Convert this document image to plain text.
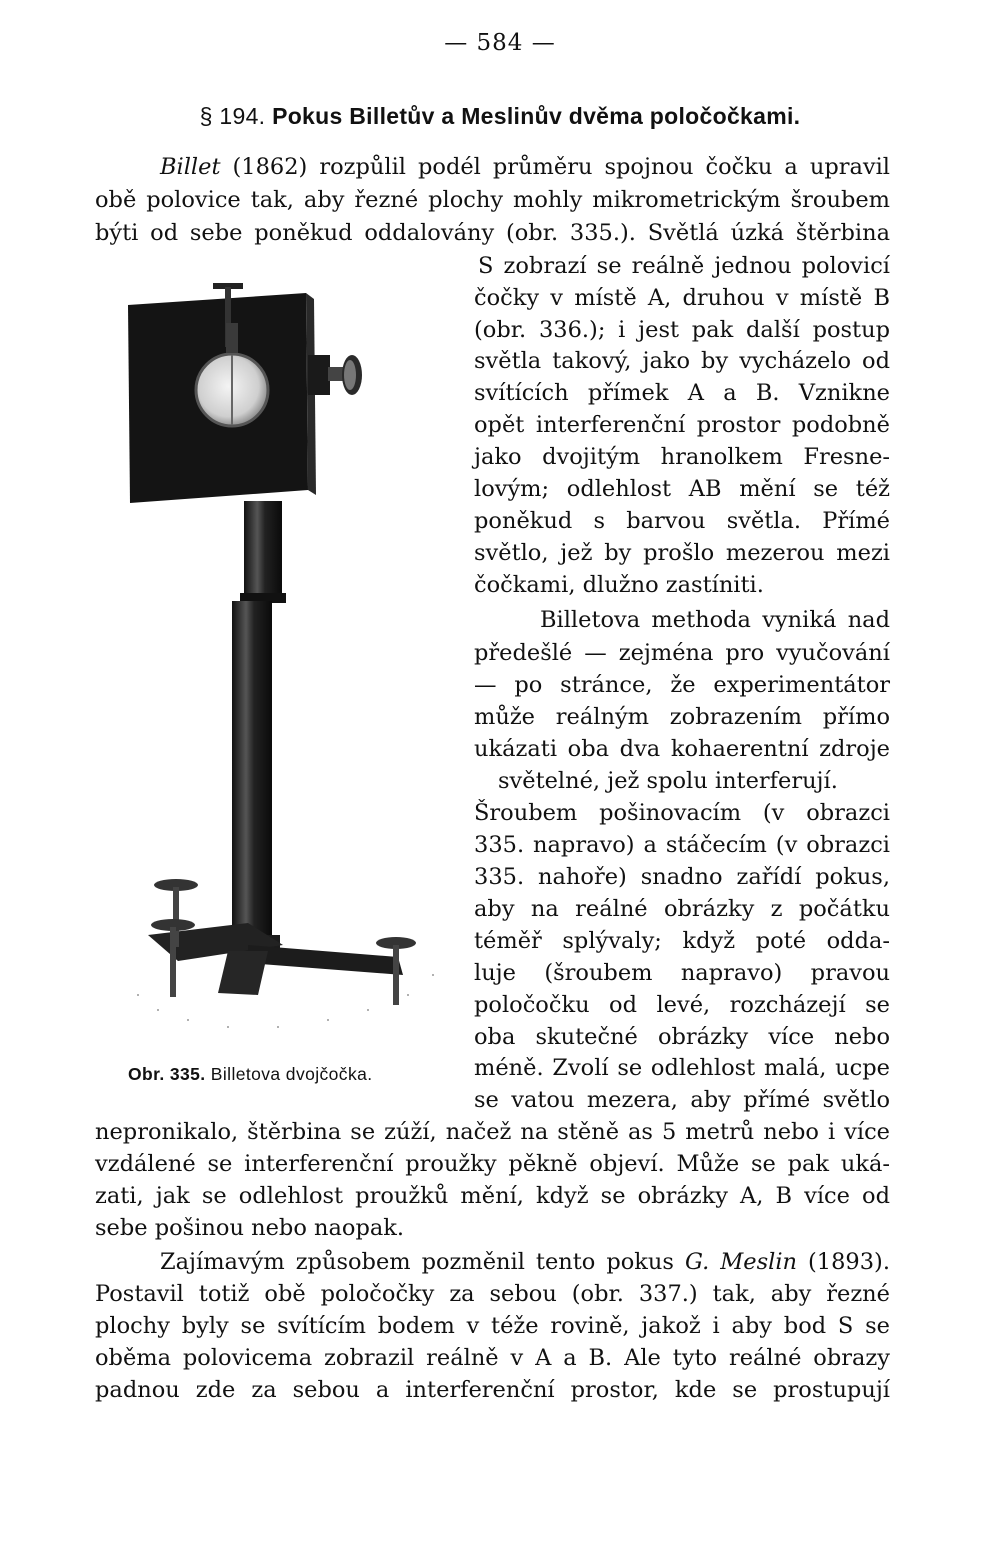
— 584 —
§ 194. Pokus Billetův a Meslinův dvěma poločočkami.
Billet (1862) rozpůlil podél průměru spojnou čočku a upravil
obě polovice tak, aby řezné plochy mohly mikrometrickým šroubem
býti od sebe poněkud oddalovány (obr. 335.). Světlá úzká štěrbina
S zobrazí se reálně jednou polovicí
čočky v místě A, druhou v místě B
(obr. 336.); i jest pak další postup
světla takový, jako by vycházelo od
svítících přímek A a B. Vznikne
opět interferenční prostor podobně
jako dvojitým hranolkem Fresne-
lovým; odlehlost AB mění se též
poněkud s barvou světla. Přímé
světlo, jež by prošlo mezerou mezi
čočkami, dlužno zastíniti.
Billetova methoda vyniká nad
předešlé — zejména pro vyučování
— po stránce, že experimentátor
může reálným zobrazením přímo
ukázati oba dva kohaerentní zdroje
světelné, jež spolu interferují.
Šroubem pošinovacím (v obrazci
335. napravo) a stáčecím (v obrazci
335. nahoře) snadno zařídí pokus,
aby na reálné obrázky z počátku
téměř splývaly; když poté odda-
luje (šroubem napravo) pravou
poločočku od levé, rozcházejí se
oba skutečné obrázky více nebo
méně. Zvolí se odlehlost malá, ucpe
se vatou mezera, aby přímé světlo
nepronikalo, štěrbina se zúží, načež na stěně as 5 metrů nebo i více
vzdálené se interferenční proužky pěkně objeví. Může se pak uká-
zati, jak se odlehlost proužků mění, když se obrázky A, B více od
sebe pošinou nebo naopak.
Zajímavým způsobem pozměnil tento pokus G. Meslin (1893).
Postavil totiž obě poločočky za sebou (obr. 337.) tak, aby řezné
plochy byly se svítícím bodem v téže rovině, jakož i aby bod S se
oběma polovicema zobrazil reálně v A a B. Ale tyto reálné obrazy
padnou zde za sebou a interferenční prostor, kde se prostupují
Obr. 335. Billetova dvojčočka.
